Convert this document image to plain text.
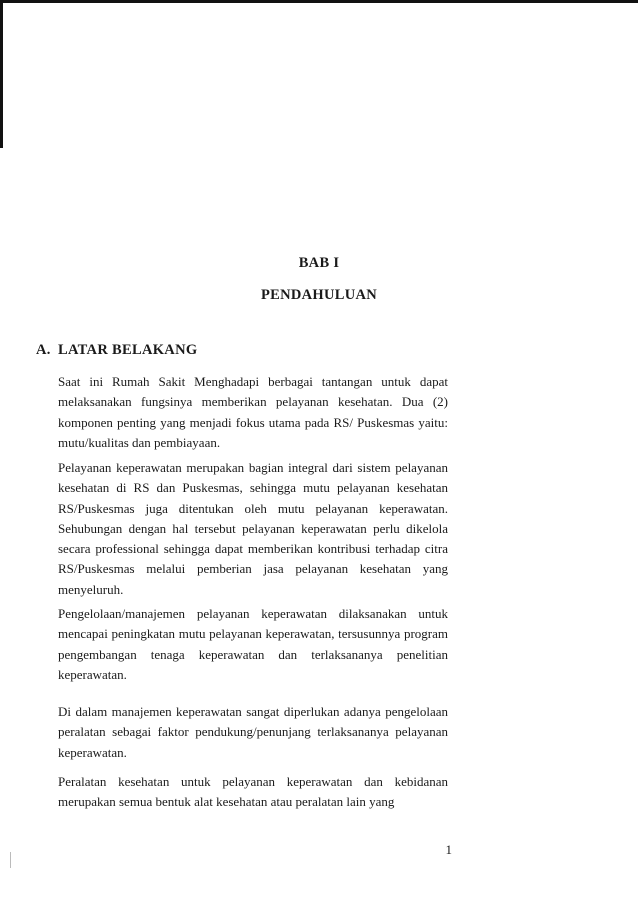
BAB I
PENDAHULUAN
A. LATAR BELAKANG

Saat ini Rumah Sakit Menghadapi berbagai tantangan untuk dapat melaksanakan fungsinya memberikan pelayanan kesehatan. Dua (2) komponen penting yang menjadi fokus utama pada RS/ Puskesmas yaitu: mutu/kualitas dan pembiayaan.

Pelayanan keperawatan merupakan bagian integral dari sistem pelayanan kesehatan di RS dan Puskesmas, sehingga mutu pelayanan kesehatan RS/Puskesmas juga ditentukan oleh mutu pelayanan keperawatan. Sehubungan dengan hal tersebut pelayanan keperawatan perlu dikelola secara professional sehingga dapat memberikan kontribusi terhadap citra RS/Puskesmas melalui pemberian jasa pelayanan kesehatan yang menyeluruh.

Pengelolaan/manajemen pelayanan keperawatan dilaksanakan untuk mencapai peningkatan mutu pelayanan keperawatan, tersusunnya program pengembangan tenaga keperawatan dan terlaksananya penelitian keperawatan.

Di dalam manajemen keperawatan sangat diperlukan adanya pengelolaan peralatan sebagai faktor pendukung/penunjang terlaksananya pelayanan keperawatan.

Peralatan kesehatan untuk pelayanan keperawatan dan kebidanan merupakan semua bentuk alat kesehatan atau peralatan lain yang

1
